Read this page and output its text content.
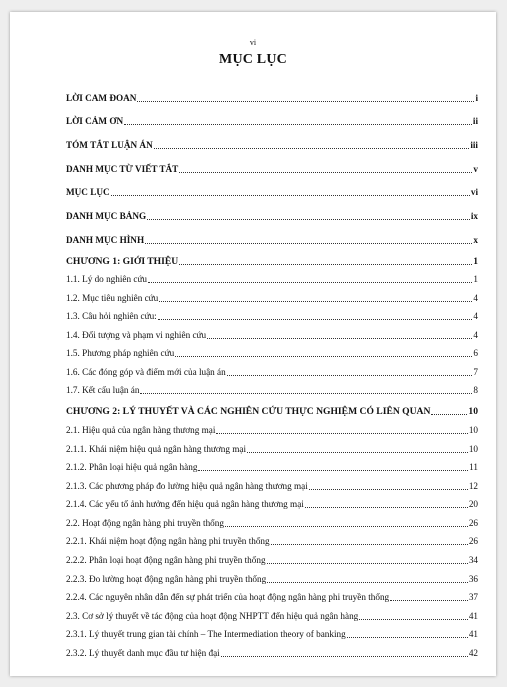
vi
MỤC LỤC
LỜI CAM ĐOAN	i
LỜI CẢM ƠN	ii
TÓM TẮT LUẬN ÁN	iii
DANH MỤC TỪ VIẾT TẮT	v
MỤC LỤC	vi
DANH MỤC BẢNG	ix
DANH MỤC HÌNH	x
CHƯƠNG 1: GIỚI THIỆU	1
1.1. Lý do nghiên cứu	1
1.2. Mục tiêu nghiên cứu	4
1.3. Câu hỏi nghiên cứu:	4
1.4. Đối tượng và phạm vi nghiên cứu	4
1.5. Phương pháp nghiên cứu	6
1.6. Các đóng góp và điểm mới của luận án	7
1.7. Kết cấu luận án	8
CHƯƠNG 2: LÝ THUYẾT VÀ CÁC NGHIÊN CỨU THỰC NGHIỆM CÓ LIÊN QUAN	10
2.1. Hiệu quả của ngân hàng thương mại	10
2.1.1. Khái niệm hiệu quả ngân hàng thương mại	10
2.1.2. Phân loại hiệu quả ngân hàng	11
2.1.3. Các phương pháp đo lường hiệu quả ngân hàng thương mại	12
2.1.4. Các yếu tố ảnh hưởng đến hiệu quả ngân hàng thương mại	20
2.2. Hoạt động ngân hàng phi truyền thống	26
2.2.1. Khái niệm hoạt động ngân hàng phi truyền thống	26
2.2.2. Phân loại hoạt động ngân hàng phi truyền thống	34
2.2.3. Đo lường hoạt động ngân hàng phi truyền thống	36
2.2.4. Các nguyên nhân dẫn đến sự phát triển của hoạt động ngân hàng phi truyền thống	37
2.3. Cơ sở lý thuyết về tác động của hoạt động NHPTT đến hiệu quả ngân hàng	41
2.3.1. Lý thuyết trung gian tài chính – The Intermediation theory of banking	41
2.3.2. Lý thuyết danh mục đầu tư hiện đại	42
